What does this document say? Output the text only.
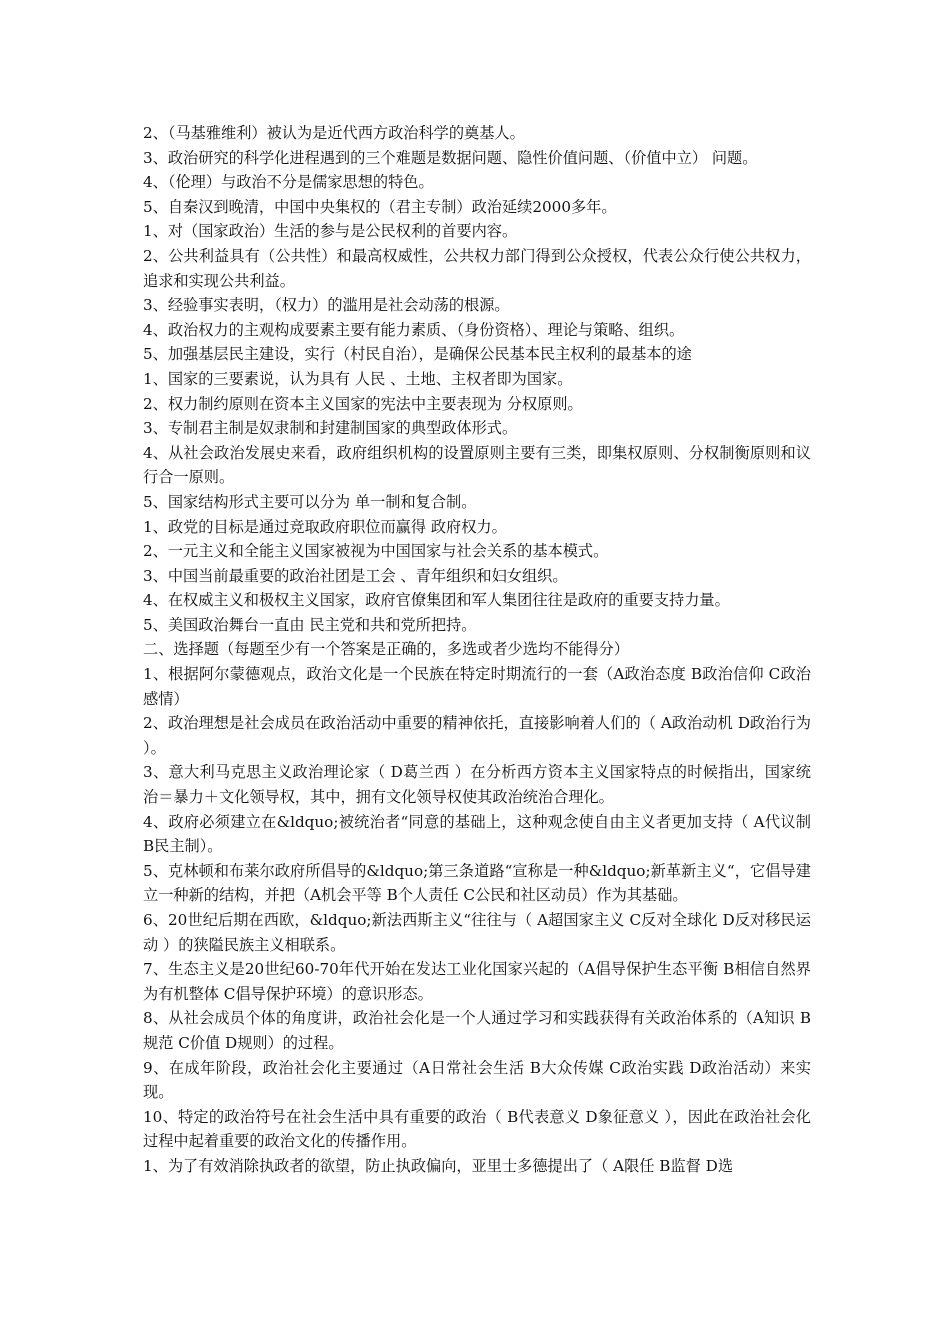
2、（马基雅维利）被认为是近代西方政治科学的奠基人。

3、政治研究的科学化进程遇到的三个难题是数据问题、隐性价值问题、（价值中立） 问题。

4、（伦理）与政治不分是儒家思想的特色。

5、自秦汉到晚清，中国中央集权的（君主专制）政治延续2000多年。

1、对（国家政治）生活的参与是公民权利的首要内容。

2、公共利益具有（公共性）和最高权威性，公共权力部门得到公众授权，代表公众行使公共权力，追求和实现公共利益。

3、经验事实表明，（权力）的滥用是社会动荡的根源。

4、政治权力的主观构成要素主要有能力素质、（身份资格）、理论与策略、组织。

5、加强基层民主建设，实行（村民自治），是确保公民基本民主权利的最基本的途

1、国家的三要素说，认为具有 人民 、土地、主权者即为国家。

2、权力制约原则在资本主义国家的宪法中主要表现为 分权原则。

3、专制君主制是奴隶制和封建制国家的典型政体形式。

4、从社会政治发展史来看，政府组织机构的设置原则主要有三类，即集权原则、分权制衡原则和议行合一原则。

5、国家结构形式主要可以分为 单一制和复合制。

1、政党的目标是通过竞取政府职位而赢得 政府权力。

2、一元主义和全能主义国家被视为中国国家与社会关系的基本模式。

3、中国当前最重要的政治社团是工会 、青年组织和妇女组织。

4、在权威主义和极权主义国家，政府官僚集团和军人集团往往是政府的重要支持力量。

5、美国政治舞台一直由 民主党和共和党所把持。

二、选择题（每题至少有一个答案是正确的，多选或者少选均不能得分）

1、根据阿尔蒙德观点，政治文化是一个民族在特定时期流行的一套（A政治态度 B政治信仰 C政治感情）

2、政治理想是社会成员在政治活动中重要的精神依托，直接影响着人们的（ A政治动机 D政治行为 ）。

3、意大利马克思主义政治理论家（ D葛兰西 ）在分析西方资本主义国家特点的时候指出，国家统治＝暴力＋文化领导权，其中，拥有文化领导权使其政治统治合理化。

4、政府必须建立在&ldquo;被统治者“同意的基础上，这种观念使自由主义者更加支持（ A代议制 B民主制）。

5、克林顿和布莱尔政府所倡导的&ldquo;第三条道路“宣称是一种&ldquo;新革新主义“，它倡导建立一种新的结构，并把（A机会平等 B个人责任 C公民和社区动员）作为其基础。

6、20世纪后期在西欧，&ldquo;新法西斯主义“往往与（ A超国家主义 C反对全球化 D反对移民运动 ）的狭隘民族主义相联系。

7、生态主义是20世纪60-70年代开始在发达工业化国家兴起的（A倡导保护生态平衡 B相信自然界为有机整体 C倡导保护环境）的意识形态。

8、从社会成员个体的角度讲，政治社会化是一个人通过学习和实践获得有关政治体系的（A知识 B规范 C价值 D规则）的过程。

9、在成年阶段，政治社会化主要通过（A日常社会生活 B大众传媒 C政治实践 D政治活动）来实现。

10、特定的政治符号在社会生活中具有重要的政治（ B代表意义 D象征意义 ），因此在政治社会化过程中起着重要的政治文化的传播作用。

1、为了有效消除执政者的欲望，防止执政偏向，亚里士多德提出了（ A限任 B监督 D选
